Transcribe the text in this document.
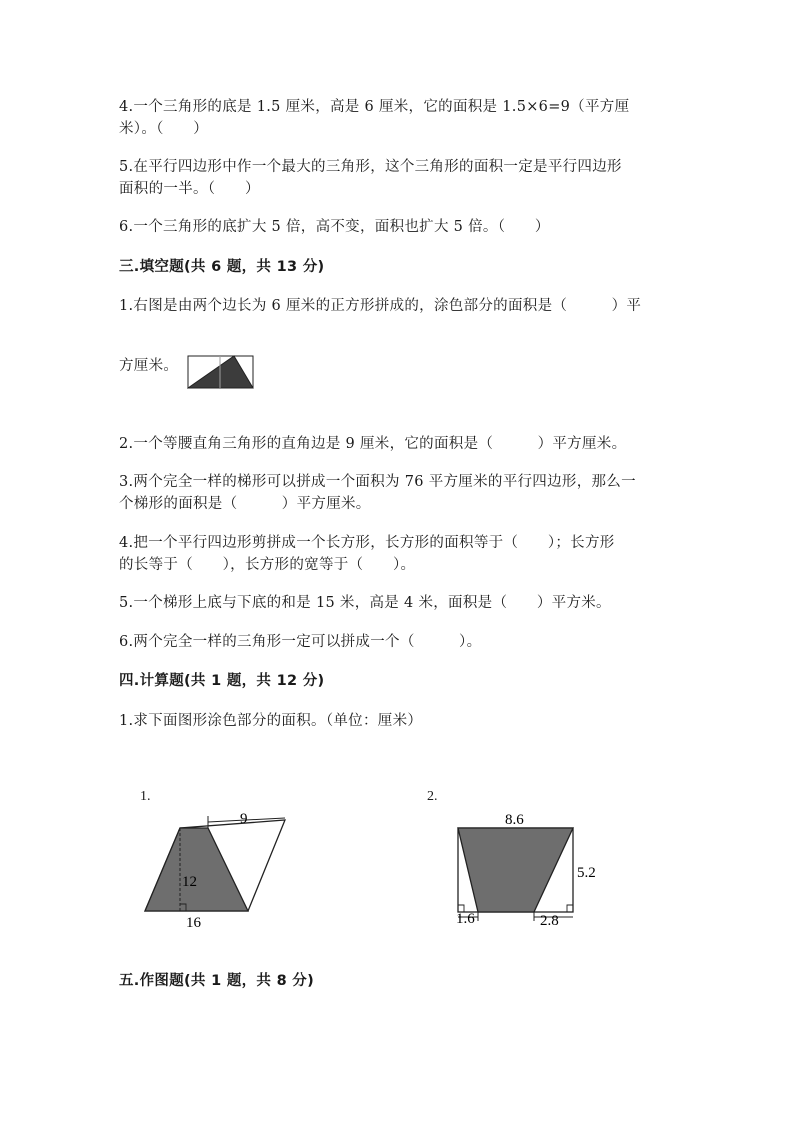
4.一个三角形的底是 1.5 厘米，高是 6 厘米，它的面积是 1.5×6=9（平方厘
米）。（　　）
5.在平行四边形中作一个最大的三角形，这个三角形的面积一定是平行四边形
面积的一半。（　　）
6.一个三角形的底扩大 5 倍，高不变，面积也扩大 5 倍。（　　）
三.填空题(共 6 题，共 13 分)
1.右图是由两个边长为 6 厘米的正方形拼成的，涂色部分的面积是（　　　）平
方厘米。
2.一个等腰直角三角形的直角边是 9 厘米，它的面积是（　　　）平方厘米。
3.两个完全一样的梯形可以拼成一个面积为 76 平方厘米的平行四边形，那么一
个梯形的面积是（　　　）平方厘米。
4.把一个平行四边形剪拼成一个长方形，长方形的面积等于（　　）；长方形
的长等于（　　），长方形的宽等于（　　）。
5.一个梯形上底与下底的和是 15 米，高是 4 米，面积是（　　）平方米。
6.两个完全一样的三角形一定可以拼成一个（　　　）。
四.计算题(共 1 题，共 12 分)
1.求下面图形涂色部分的面积。（单位：厘米）
1.
9
12
16
2.
8.6
5.2
1.6	2.8
五.作图题(共 1 题，共 8 分)
